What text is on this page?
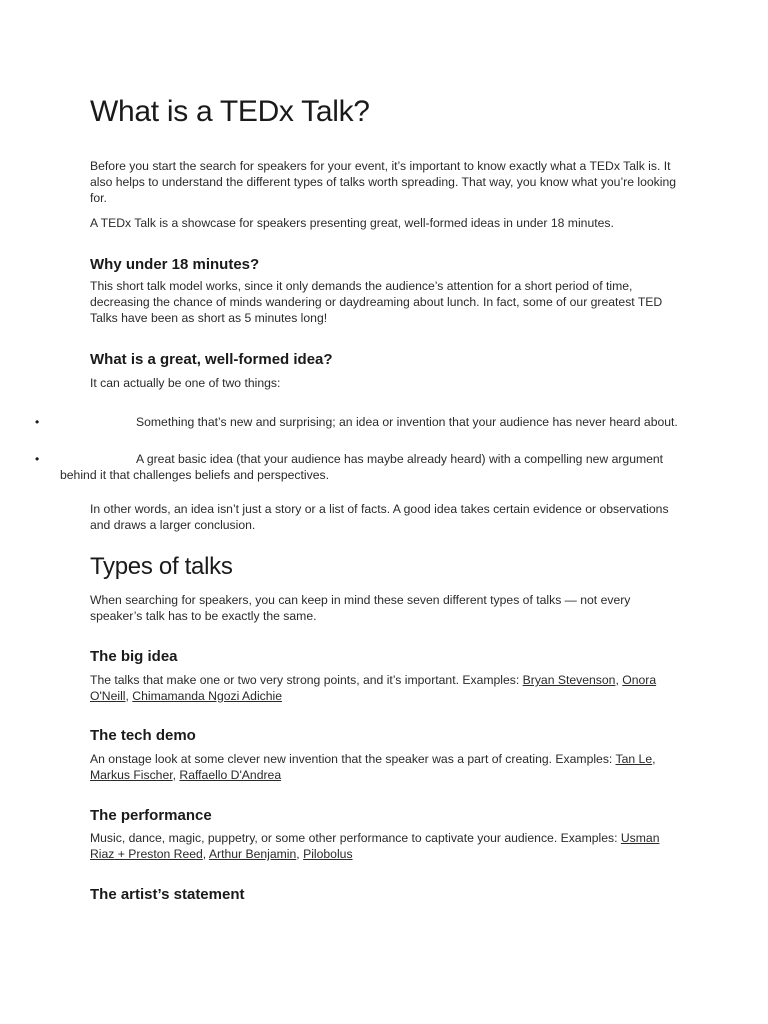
What is a TEDx Talk?

Before you start the search for speakers for your event, it’s important to know exactly what a TEDx Talk is. It also helps to understand the different types of talks worth spreading. That way, you know what you’re looking for.

A TEDx Talk is a showcase for speakers presenting great, well-formed ideas in under 18 minutes.

Why under 18 minutes?

This short talk model works, since it only demands the audience’s attention for a short period of time, decreasing the chance of minds wandering or daydreaming about lunch. In fact, some of our greatest TED Talks have been as short as 5 minutes long!

What is a great, well-formed idea?

It can actually be one of two things:

•	Something that’s new and surprising; an idea or invention that your audience has never heard about.

•	A great basic idea (that your audience has maybe already heard) with a compelling new argument behind it that challenges beliefs and perspectives.

In other words, an idea isn’t just a story or a list of facts. A good idea takes certain evidence or observations and draws a larger conclusion.

Types of talks

When searching for speakers, you can keep in mind these seven different types of talks — not every speaker’s talk has to be exactly the same.

The big idea

The talks that make one or two very strong points, and it’s important. Examples: Bryan Stevenson, Onora O'Neill, Chimamanda Ngozi Adichie

The tech demo

An onstage look at some clever new invention that the speaker was a part of creating. Examples: Tan Le, Markus Fischer, Raffaello D'Andrea

The performance

Music, dance, magic, puppetry, or some other performance to captivate your audience. Examples: Usman Riaz + Preston Reed, Arthur Benjamin, Pilobolus

The artist’s statement
